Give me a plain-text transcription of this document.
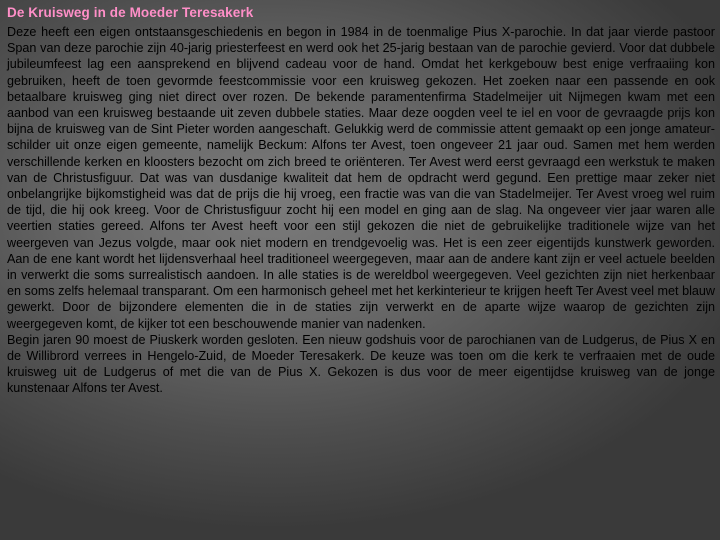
De Kruisweg in de Moeder Teresakerk

Deze heeft een eigen ontstaansgeschiedenis en begon in 1984 in de toenmalige Pius X-parochie. In dat jaar vierde pastoor Span van deze parochie zijn 40-jarig priesterfeest en werd ook het 25-jarig bestaan van de parochie gevierd. Voor dat dubbele jubileumfeest lag een aansprekend en blijvend cadeau voor de hand. Omdat het kerkgebouw best enige verfraaiing kon gebruiken, heeft de toen gevormde feestcommissie voor een kruisweg gekozen. Het zoeken naar een passende en ook betaalbare kruisweg ging niet direct over rozen. De bekende paramentenfirma Stadelmeijer uit Nijmegen kwam met een aanbod van een kruisweg bestaande uit zeven dubbele staties. Maar deze oogden veel te iel en voor de gevraagde prijs kon bijna de kruisweg van de Sint Pieter worden aangeschaft. Gelukkig werd de commissie attent gemaakt op een jonge amateur-schilder uit onze eigen gemeente, namelijk Beckum: Alfons ter Avest, toen ongeveer 21 jaar oud. Samen met hem werden verschillende kerken en kloosters bezocht om zich breed te oriënteren. Ter Avest werd eerst gevraagd een werkstuk te maken van de Christusfiguur. Dat was van dusdanige kwaliteit dat hem de opdracht werd gegund. Een prettige maar zeker niet onbelangrijke bijkomstigheid was dat de prijs die hij vroeg, een fractie was van die van Stadelmeijer. Ter Avest vroeg wel ruim de tijd, die hij ook kreeg. Voor de Christusfiguur zocht hij een model en ging aan de slag. Na ongeveer vier jaar waren alle veertien staties gereed. Alfons ter Avest heeft voor een stijl gekozen die niet de gebruikelijke traditionele wijze van het weergeven van Jezus volgde, maar ook niet modern en trendgevoelig was. Het is een zeer eigentijds kunstwerk geworden. Aan de ene kant wordt het lijdensverhaal heel traditioneel weergegeven, maar aan de andere kant zijn er veel actuele beelden in verwerkt die soms surrealistisch aandoen. In alle staties is de wereldbol weergegeven. Veel gezichten zijn niet herkenbaar en soms zelfs helemaal transparant. Om een harmonisch geheel met het kerkinterieur te krijgen heeft Ter Avest veel met blauw gewerkt. Door de bijzondere elementen die in de staties zijn verwerkt en de aparte wijze waarop de gezichten zijn weergegeven komt, de kijker tot een beschouwende manier van nadenken.

Begin jaren 90 moest de Piuskerk worden gesloten. Een nieuw godshuis voor de parochianen van de Ludgerus, de Pius X en de Willibrord verrees in Hengelo-Zuid, de Moeder Teresakerk. De keuze was toen om die kerk te verfraaien met de oude kruisweg uit de Ludgerus of met die van de Pius X. Gekozen is dus voor de meer eigentijdse kruisweg van de jonge kunstenaar Alfons ter Avest.
